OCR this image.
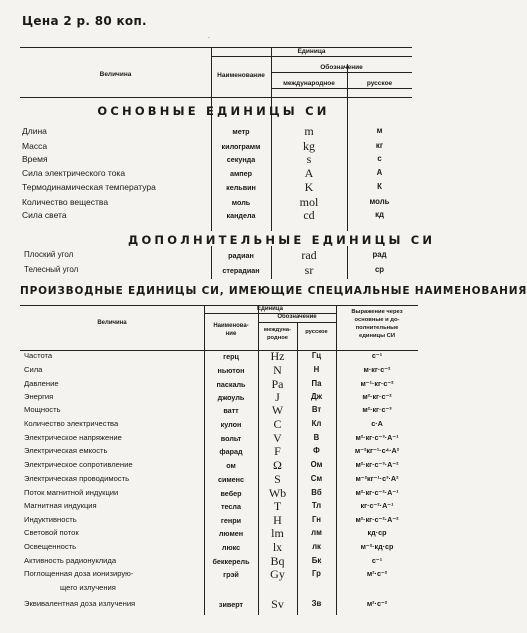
Цена 2 р. 80 коп.
´
Величина
Единица
Наименование
Обозначение
международное	русское
ОСНОВНЫЕ ЕДИНИЦЫ СИ
Длина	метр	m	м
Масса	килограмм	kg	кг
Время	секунда	s	с
Сила электрического тока	ампер	A	А
Термодинамическая температура	кельвин	K	К
Количество вещества	моль	mol	моль
Сила света	кандела	cd	кд
ДОПОЛНИТЕЛЬНЫЕ ЕДИНИЦЫ СИ
Плоский угол	радиан	rad	рад
Телесный угол	стерадиан	sr	ср
ПРОИЗВОДНЫЕ ЕДИНИЦЫ СИ, ИМЕЮЩИЕ СПЕЦИАЛЬНЫЕ НАИМЕНОВАНИЯ
Величина
Единица
Наименова-
ние
Обозначение
междуна-
родное
русское
Выражение через
основные и до-
полнительные
единицы СИ
Частота	герц	Hz	Гц	с⁻¹
Сила	ньютон	N	Н	м·кг·с⁻²
Давление	паскаль	Pa	Па	м⁻¹·кг·с⁻²
Энергия	джоуль	J	Дж	м²·кг·с⁻²
Мощность	ватт	W	Вт	м²·кг·с⁻³
Количество электричества	кулон	C	Кл	с·А
Электрическое напряжение	вольт	V	В	м²·кг·с⁻³·А⁻¹
Электрическая емкость	фарад	F	Ф	м⁻²кг⁻¹·с⁴·А²
Электрическое сопротивление	ом	Ω	Ом	м²·кг·с⁻³·А⁻²
Электрическая проводимость	сименс	S	См	м⁻²кг⁻¹·с³·А²
Поток магнитной индукции	вебер	Wb	Вб	м²·кг·с⁻²·А⁻¹
Магнитная индукция	тесла	T	Тл	кг·с⁻²·А⁻¹
Индуктивность	генри	H	Гн	м²·кг·с⁻²·А⁻²
Световой поток	люмен	lm	лм	кд·ср
Освещенность	люкс	lx	лк	м⁻²·кд·ср
Активность радионуклида	беккерель	Bq	Бк	с⁻¹
Поглощенная доза ионизирую-
щего излучения
грэй	Gy	Гр	м²·с⁻²
Эквивалентная доза излучения	зиверт	Sv	Зв	м²·с⁻²
